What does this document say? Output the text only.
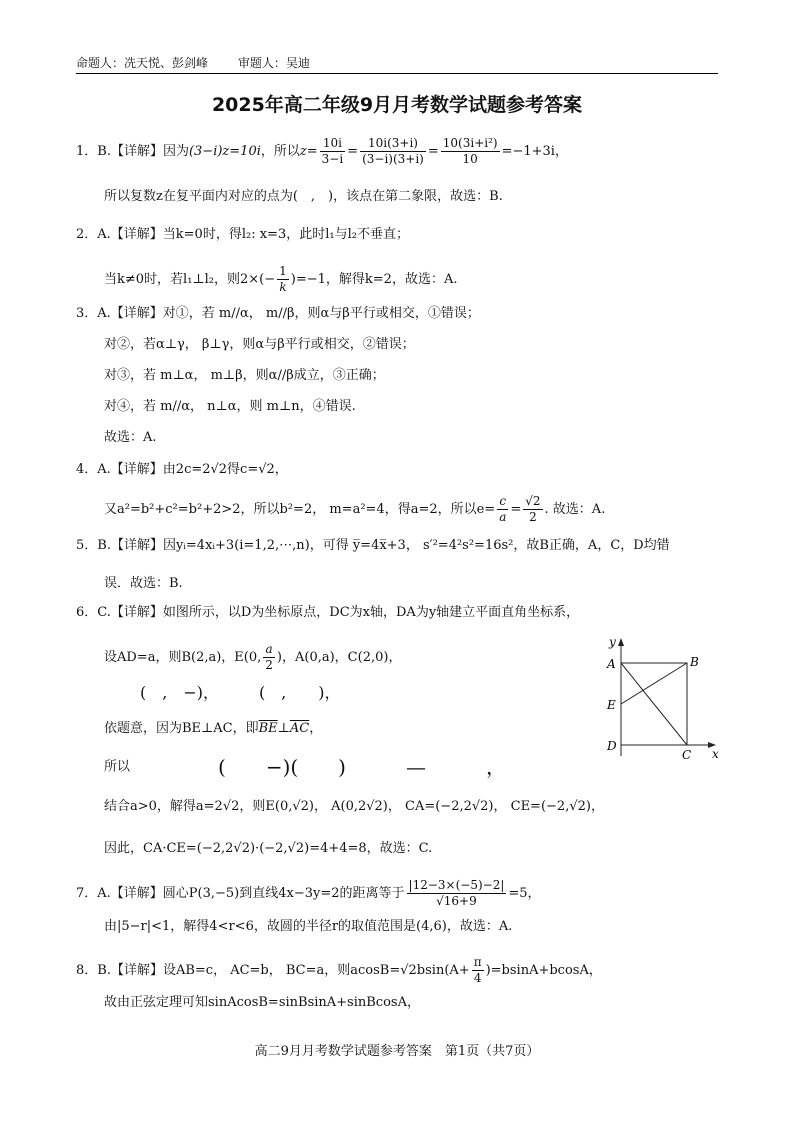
命题人：冼天悦、彭剑峰 审题人：吴迪
2025年高二年级9月月考数学试题参考答案
1．B.【详解】因为(3−i)z=10i，所以$z= \frac{10i}{3-i} = \frac{10i(3+i)}{(3-i)(3+i)} = \frac{\text{10(3i+i²)}}{10} =-1+3i$，
所以复数z在复平面内对应的点为(　,　)，该点在第二象限，故选：B.
2．A.【详解】当k=0时，得l₂: x=3，此时l₁与l₂不垂直；
当k≠0时，若l₁⊥l₂，则$2\times(- \frac{1}{k} )=-1$，解得k=2，故选：A.
3．A.【详解】对①，若 m//α， m//β，则α与β平行或相交，①错误；
对②，若α⊥γ， β⊥γ，则α与β平行或相交，②错误；
对③，若 m⊥α， m⊥β，则α//β成立，③正确；
对④，若 m//α， n⊥α，则 m⊥n，④错误.
故选：A.
4．A.【详解】由2c=2√2得c=√2，
又a²=b²+c²=b²+2>2，所以b²=2， m=a²=4，得a=2，所以$e= \frac{c}{a} = \frac{√2}{2}$ . 故选：A.
5．B.【详解】因yᵢ=4xᵢ+3(i=1,2,⋯,n)，可得 y̅=4x̅+3， s′²=4²s²=16s²，故B正确，A，C，D均错
误．故选：B.
6．C.【详解】如图所示，以D为坐标原点，DC为x轴，DA为y轴建立平面直角坐标系，
设AD=a，则B(2,a)，E(0, $\frac{a}{2}$ )，A(0,a)，C(2,0)，
(　,　−)，　　　(　,　　)，
依题意，因为BE⊥AC，即$\overline{BE}\perp\overline{AC}$，
所以	(　　−)(　　)　　　—　　　，
结合a>0，解得a=2√2，则E(0,√2)， A(0,2√2)， CA=(−2,2√2)， CE=(−2,√2)，
因此，CA·CE=(−2,2√2)·(−2,√2)=4+4=8，故选：C.
y
x
A	B
E
D
C
7．A.【详解】圆心P(3,−5)到直线4x−3y=2的距离等于 $\frac{|12-3\times(-5)-2|}{√16+9} =5$，
由|5−r|<1，解得4<r<6，故圆的半径r的取值范围是(4,6)，故选：A.
8．B.【详解】设AB=c， AC=b， BC=a，则$acosB=√2bsin(A+ \frac{\pi}{4} )=bsinA+bcosA$，
故由正弦定理可知sinAcosB=sinBsinA+sinBcosA，
高二9月月考数学试题参考答案　第1页（共7页）
